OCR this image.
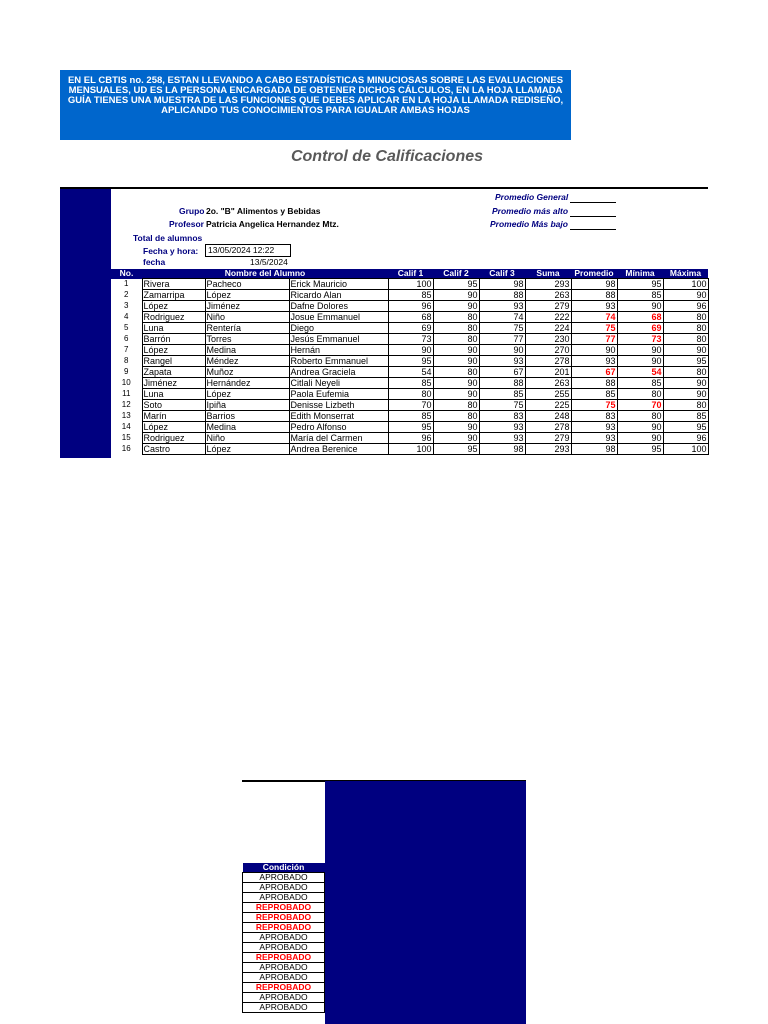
EN EL CBTIS no. 258, ESTAN LLEVANDO A CABO ESTADÍSTICAS MINUCIOSAS SOBRE LAS EVALUACIONES
MENSUALES, UD ES LA PERSONA ENCARGADA DE OBTENER DICHOS CÁLCULOS, EN LA HOJA LLAMADA
GUÍA TIENES UNA MUESTRA DE LAS FUNCIONES QUE DEBES APLICAR EN LA HOJA LLAMADA REDISEÑO,
APLICANDO TUS CONOCIMIENTOS PARA IGUALAR AMBAS HOJAS
Control de Calificaciones
Grupo 2o. "B" Alimentos y Bebidas
Profesor Patricia Angelica Hernandez Mtz.
Total de alumnos
Fecha y hora:	13/05/2024 12:22
fecha	13/5/2024
Promedio General
Promedio más alto
Promedio Más bajo
No.	Nombre del Alumno			Calif 1	Calif 2	Calif 3	Suma	Promedio	Mínima	Máxima
1	Rivera	Pacheco	Erick Mauricio	100	95	98	293	98	95	100
2	Zamarripa	López	Ricardo Alan	85	90	88	263	88	85	90
3	López	Jiménez	Dafne Dolores	96	90	93	279	93	90	96
4	Rodriguez	Niño	Josue Emmanuel	68	80	74	222	74	68	80
5	Luna	Rentería	Diego	69	80	75	224	75	69	80
6	Barrón	Torres	Jesús Emmanuel	73	80	77	230	77	73	80
7	López	Medina	Hernán	90	90	90	270	90	90	90
8	Rangel	Méndez	Roberto Emmanuel	95	90	93	278	93	90	95
9	Zapata	Muñoz	Andrea Graciela	54	80	67	201	67	54	80
10	Jiménez	Hernández	Citlali Neyeli	85	90	88	263	88	85	90
11	Luna	López	Paola Eufemia	80	90	85	255	85	80	90
12	Soto	Ipiña	Denisse Lizbeth	70	80	75	225	75	70	80
13	Marín	Barrios	Edith Monserrat	85	80	83	248	83	80	85
14	López	Medina	Pedro Alfonso	95	90	93	278	93	90	95
15	Rodriguez	Niño	María del Carmen	96	90	93	279	93	90	96
16	Castro	López	Andrea Berenice	100	95	98	293	98	95	100
Condición
APROBADO
APROBADO
APROBADO
REPROBADO
REPROBADO
REPROBADO
APROBADO
APROBADO
REPROBADO
APROBADO
APROBADO
REPROBADO
APROBADO
APROBADO
